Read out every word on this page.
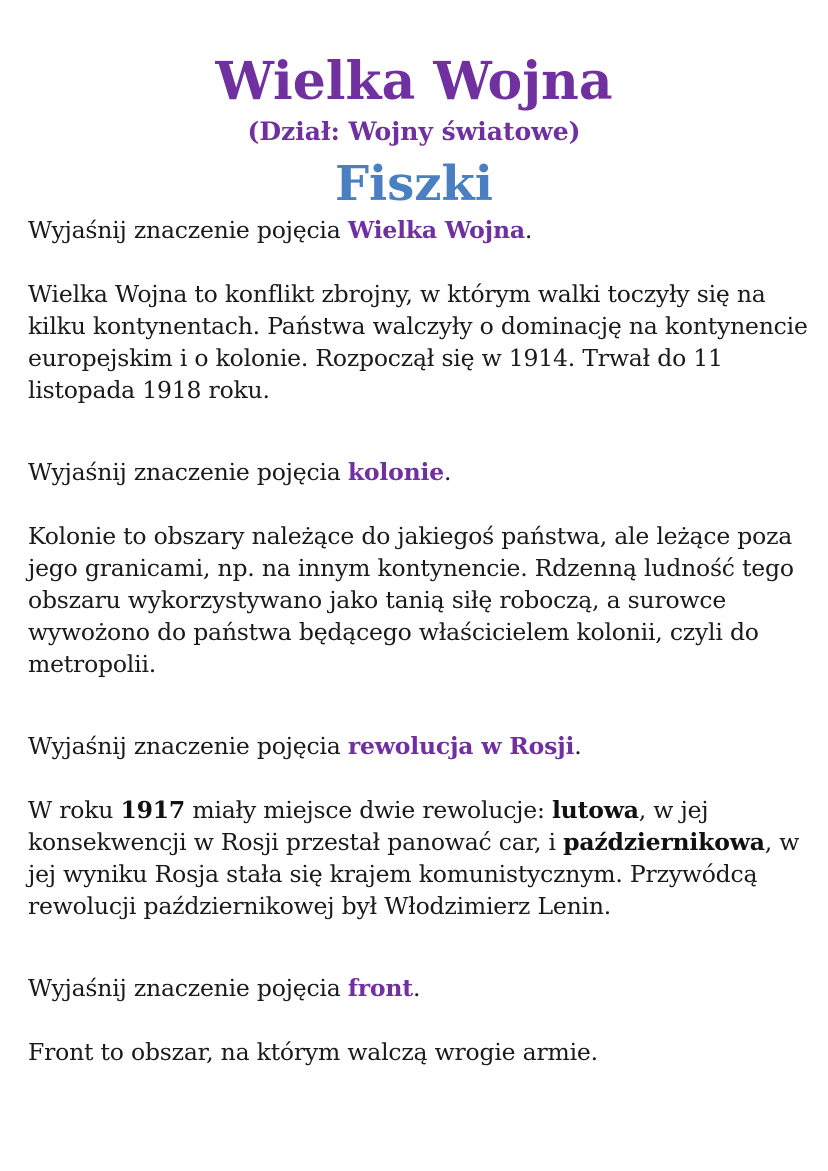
Wielka Wojna
(Dział: Wojny światowe)
Fiszki

Wyjaśnij znaczenie pojęcia Wielka Wojna.

Wielka Wojna to konflikt zbrojny, w którym walki toczyły się na kilku kontynentach. Państwa walczyły o dominację na kontynencie europejskim i o kolonie. Rozpoczął się w 1914. Trwał do 11 listopada 1918 roku.

Wyjaśnij znaczenie pojęcia kolonie.

Kolonie to obszary należące do jakiegoś państwa, ale leżące poza jego granicami, np. na innym kontynencie. Rdzenną ludność tego obszaru wykorzystywano jako tanią siłę roboczą, a surowce wywożono do państwa będącego właścicielem kolonii, czyli do metropolii.

Wyjaśnij znaczenie pojęcia rewolucja w Rosji.

W roku 1917 miały miejsce dwie rewolucje: lutowa, w jej konsekwencji w Rosji przestał panować car, i październikowa, w jej wyniku Rosja stała się krajem komunistycznym. Przywódcą rewolucji październikowej był Włodzimierz Lenin.

Wyjaśnij znaczenie pojęcia front.

Front to obszar, na którym walczą wrogie armie.
